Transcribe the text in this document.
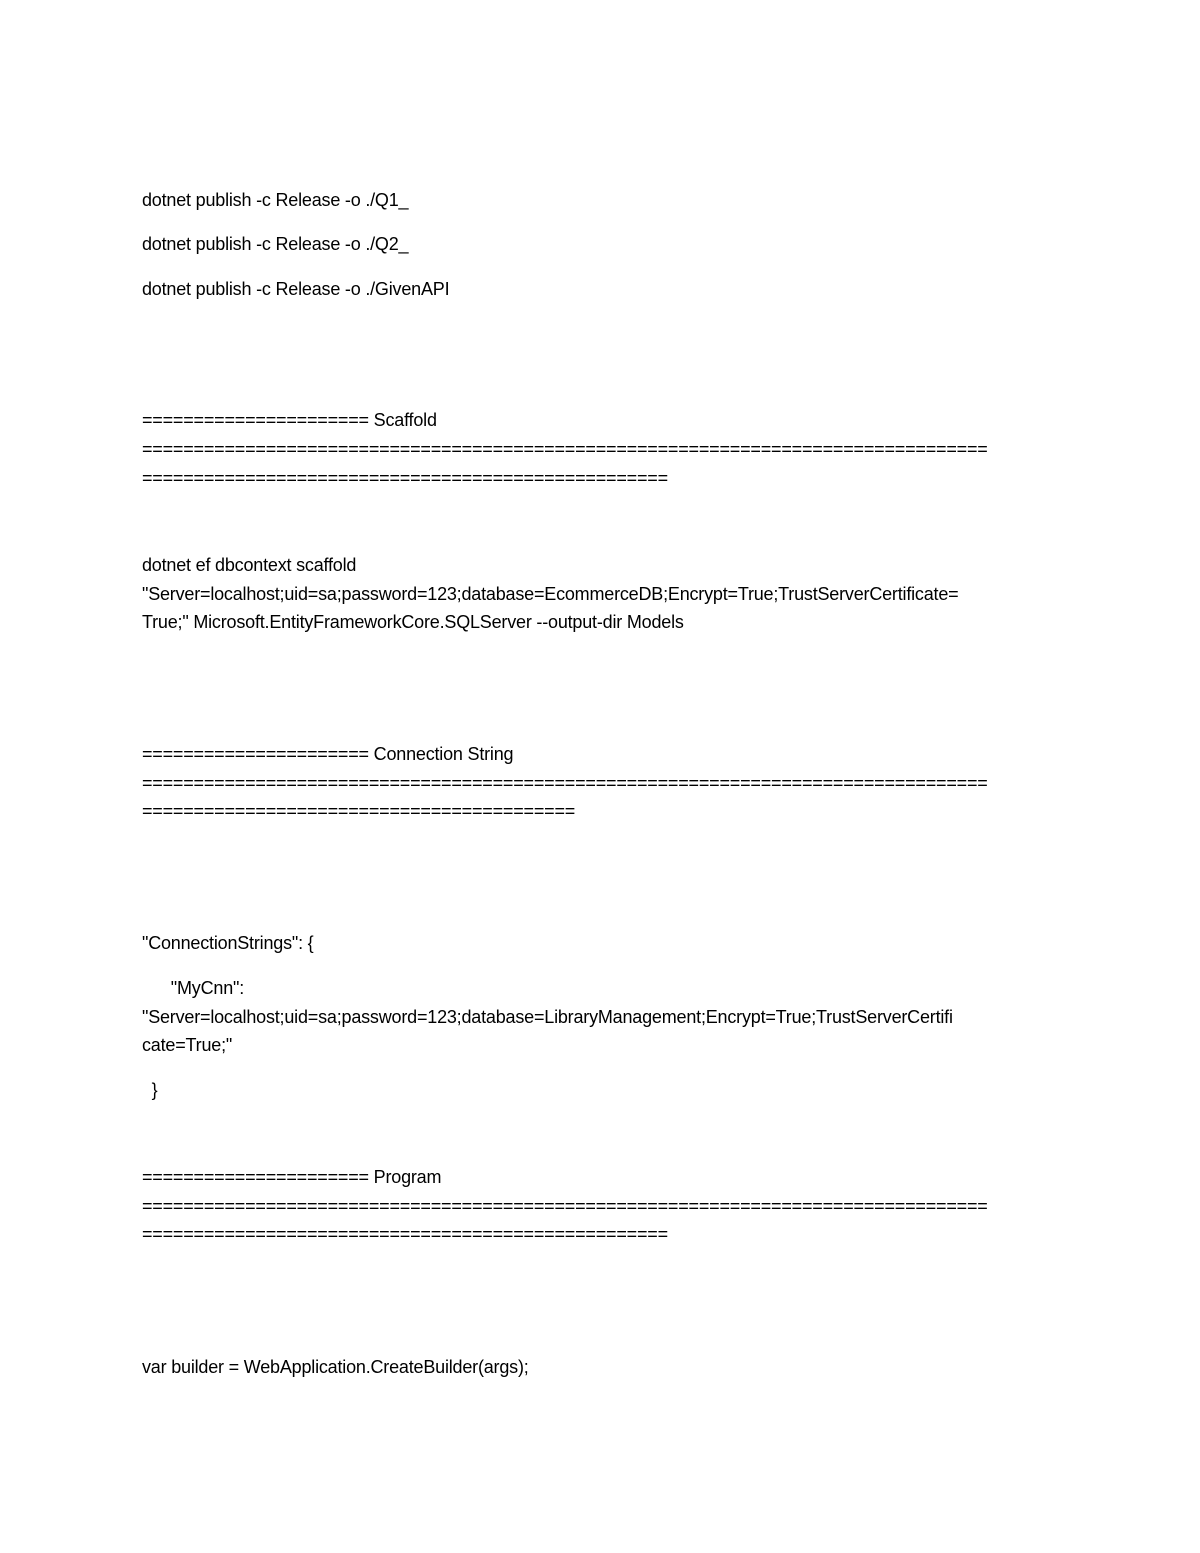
dotnet publish -c Release -o ./Q1_
dotnet publish -c Release -o ./Q2_
dotnet publish -c Release -o ./GivenAPI
====================== Scaffold
==================================================================================
===================================================
dotnet ef dbcontext scaffold
"Server=localhost;uid=sa;password=123;database=EcommerceDB;Encrypt=True;TrustServerCertificate=
True;" Microsoft.EntityFrameworkCore.SQLServer --output-dir Models
====================== Connection String
==================================================================================
==========================================
"ConnectionStrings": {
"MyCnn":
"Server=localhost;uid=sa;password=123;database=LibraryManagement;Encrypt=True;TrustServerCertifi
cate=True;"
}
====================== Program
==================================================================================
===================================================
var builder = WebApplication.CreateBuilder(args);
